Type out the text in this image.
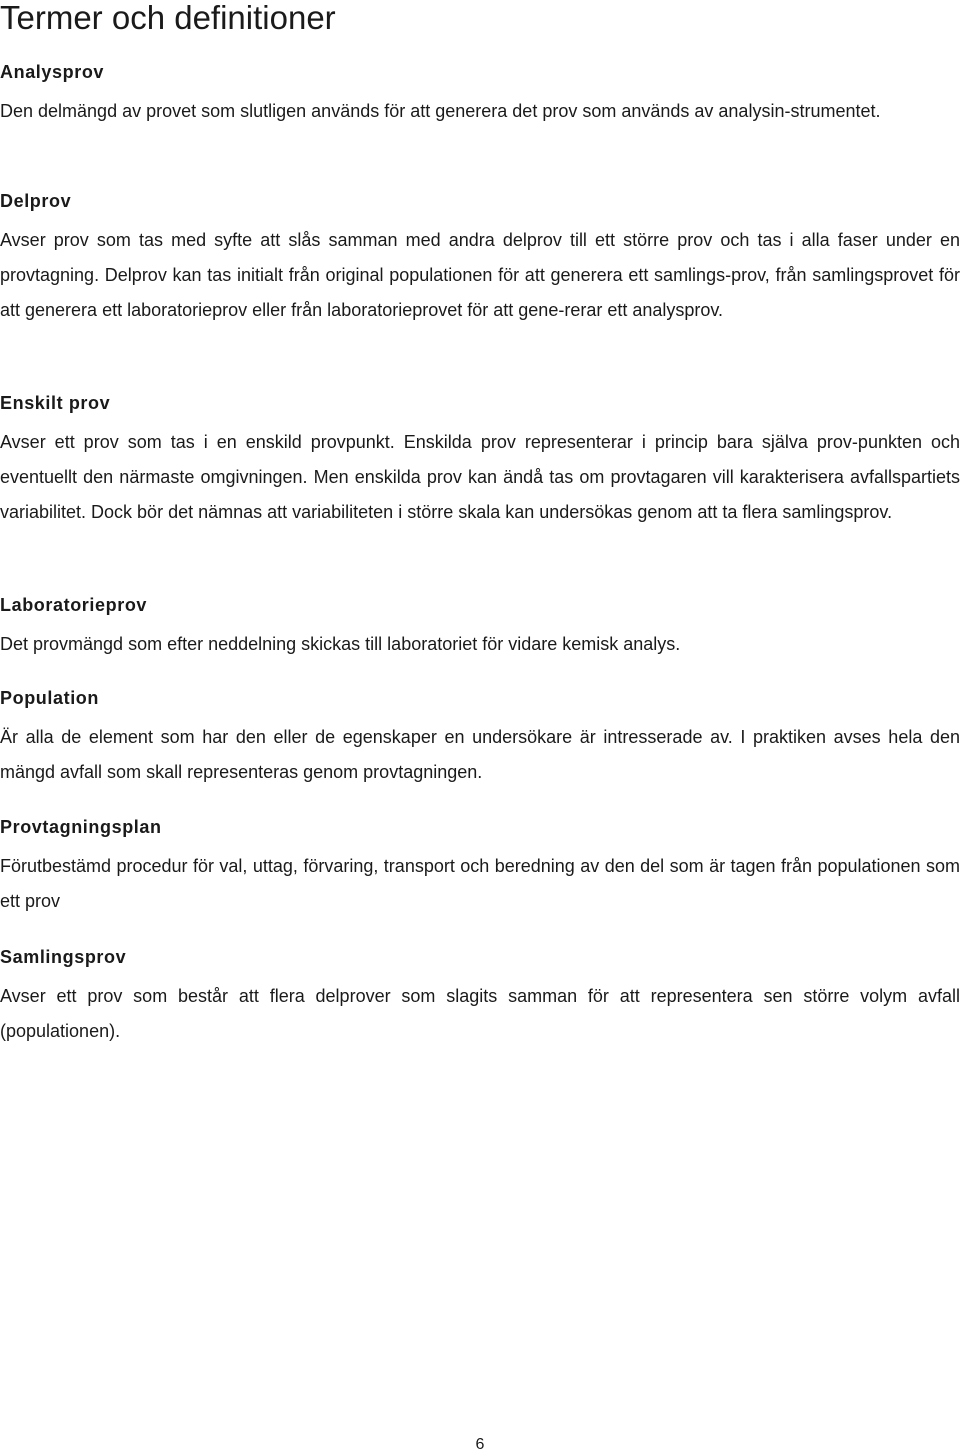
Termer och definitioner
Analysprov

Den delmängd av provet som slutligen används för att generera det prov som används av analysin-strumentet.

Delprov

Avser prov som tas med syfte att slås samman med andra delprov till ett större prov och tas i alla faser under en provtagning. Delprov kan tas initialt från original populationen för att generera ett samlings-prov, från samlingsprovet för att generera ett laboratorieprov eller från laboratorieprovet för att gene-rerar ett analysprov.

Enskilt prov

Avser ett prov som tas i en enskild provpunkt. Enskilda prov representerar i princip bara själva prov-punkten och eventuellt den närmaste omgivningen. Men enskilda prov kan ändå tas om provtagaren vill karakterisera avfallspartiets variabilitet. Dock bör det nämnas att variabiliteten i större skala kan undersökas genom att ta flera samlingsprov.

Laboratorieprov

Det provmängd som efter neddelning skickas till laboratoriet för vidare kemisk analys.

Population

Är alla de element som har den eller de egenskaper en undersökare är intresserade av. I praktiken avses hela den mängd avfall som skall representeras genom provtagningen.

Provtagningsplan

Förutbestämd procedur för val, uttag, förvaring, transport och beredning av den del som är tagen från populationen som ett prov

Samlingsprov

Avser ett prov som består att flera delprover som slagits samman för att representera sen större volym avfall (populationen).

6
